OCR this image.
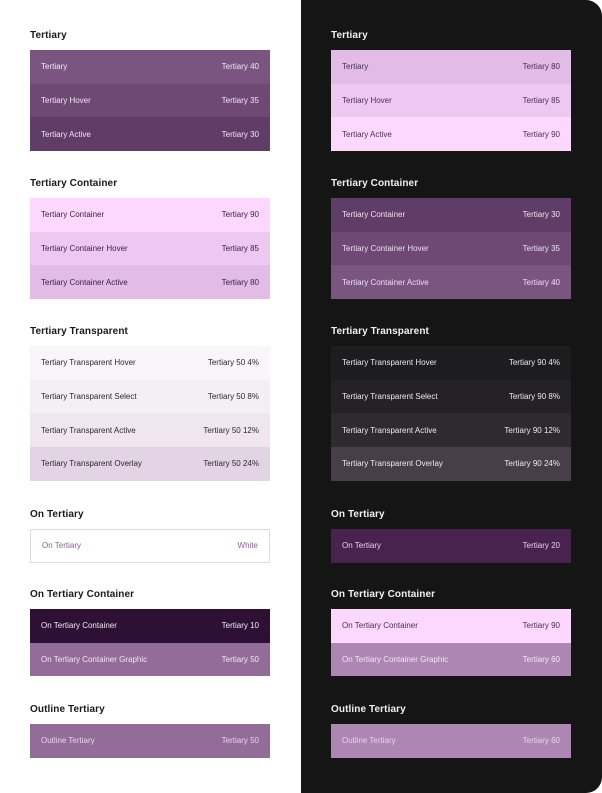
Tertiary
Tertiary	Tertiary 40
Tertiary Hover	Tertiary 35
Tertiary Active	Tertiary 30
Tertiary Container
Tertiary Container	Tertiary 90
Tertiary Container Hover	Tertiary 85
Tertiary Container Active	Tertiary 80
Tertiary Transparent
Tertiary Transparent Hover	Tertiary 50 4%
Tertiary Transparent Select	Tertiary 50 8%
Tertiary Transparent Active	Tertiary 50 12%
Tertiary Transparent Overlay	Tertiary 50 24%
On Tertiary
On Tertiary	White
On Tertiary Container
On Tertiary Container	Tertiary 10
On Tertiary Container Graphic	Tertiary 50
Outline Tertiary
Outline Tertiary	Tertiary 50
Tertiary
Tertiary	Tertiary 80
Tertiary Hover	Tertiary 85
Tertiary Active	Tertiary 90
Tertiary Container
Tertiary Container	Tertiary 30
Tertiary Container Hover	Tertiary 35
Tertiary Container Active	Tertiary 40
Tertiary Transparent
Tertiary Transparent Hover	Tertiary 90 4%
Tertiary Transparent Select	Tertiary 90 8%
Tertiary Transparent Active	Tertiary 90 12%
Tertiary Transparent Overlay	Tertiary 90 24%
On Tertiary
On Tertiary	Tertiary 20
On Tertiary Container
On Tertiary Container	Tertiary 90
On Tertiary Container Graphic	Tertiary 60
Outline Tertiary
Outline Tertiary	Tertiary 60
